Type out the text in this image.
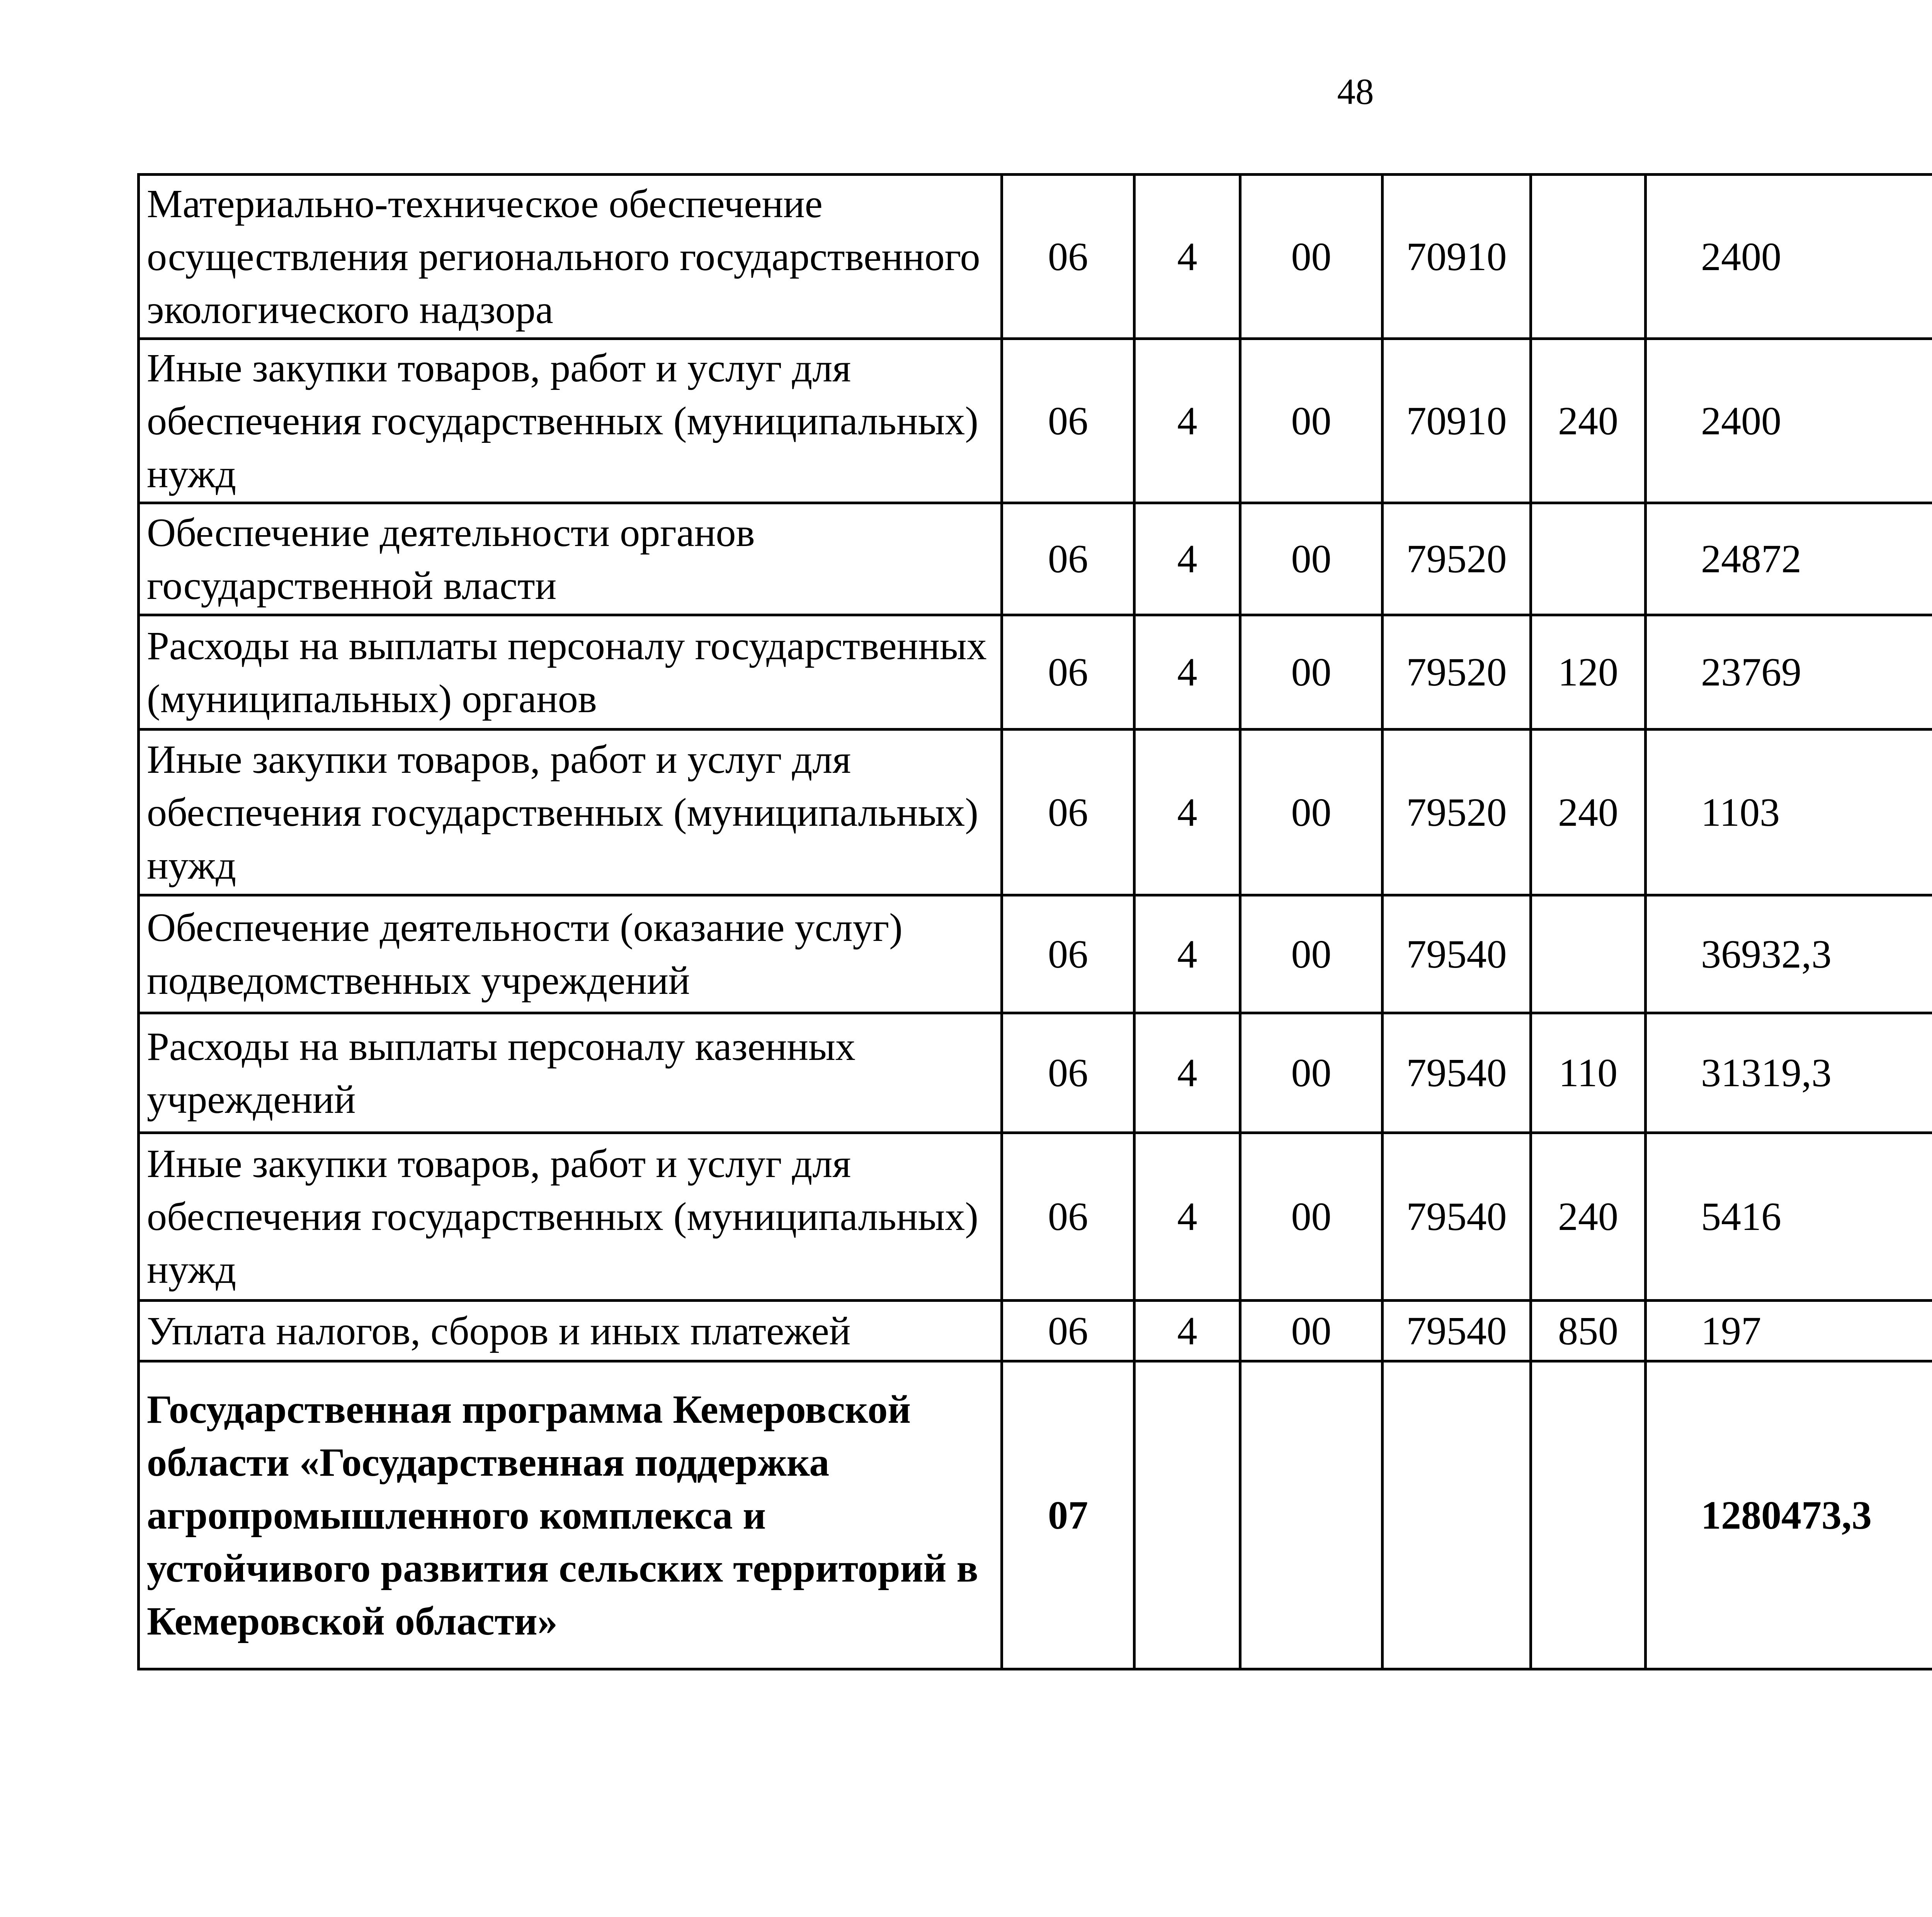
48
Материально-техническое обеспечение осуществления регионального государственного экологического надзора	06	4	00	70910		2400		
Иные закупки товаров, работ и услуг для обеспечения государственных (муниципальных) нужд	06	4	00	70910	240	2400		
Обеспечение деятельности органов государственной власти	06	4	00	79520		24872		
Расходы на выплаты персоналу государственных (муниципальных) органов	06	4	00	79520	120	23769		
Иные закупки товаров, работ и услуг для обеспечения государственных (муниципальных) нужд	06	4	00	79520	240	1103		
Обеспечение деятельности (оказание услуг) подведомственных учреждений	06	4	00	79540		36932,3		
Расходы на выплаты персоналу казенных учреждений	06	4	00	79540	110	31319,3		
Иные закупки товаров, работ и услуг для обеспечения государственных (муниципальных) нужд	06	4	00	79540	240	5416		
Уплата налогов, сборов и иных платежей	06	4	00	79540	850	197		
Государственная программа Кемеровской области «Государственная поддержка агропромышленного комплекса и устойчивого развития сельских территорий в Кемеровской области»	07					1280473,3		
